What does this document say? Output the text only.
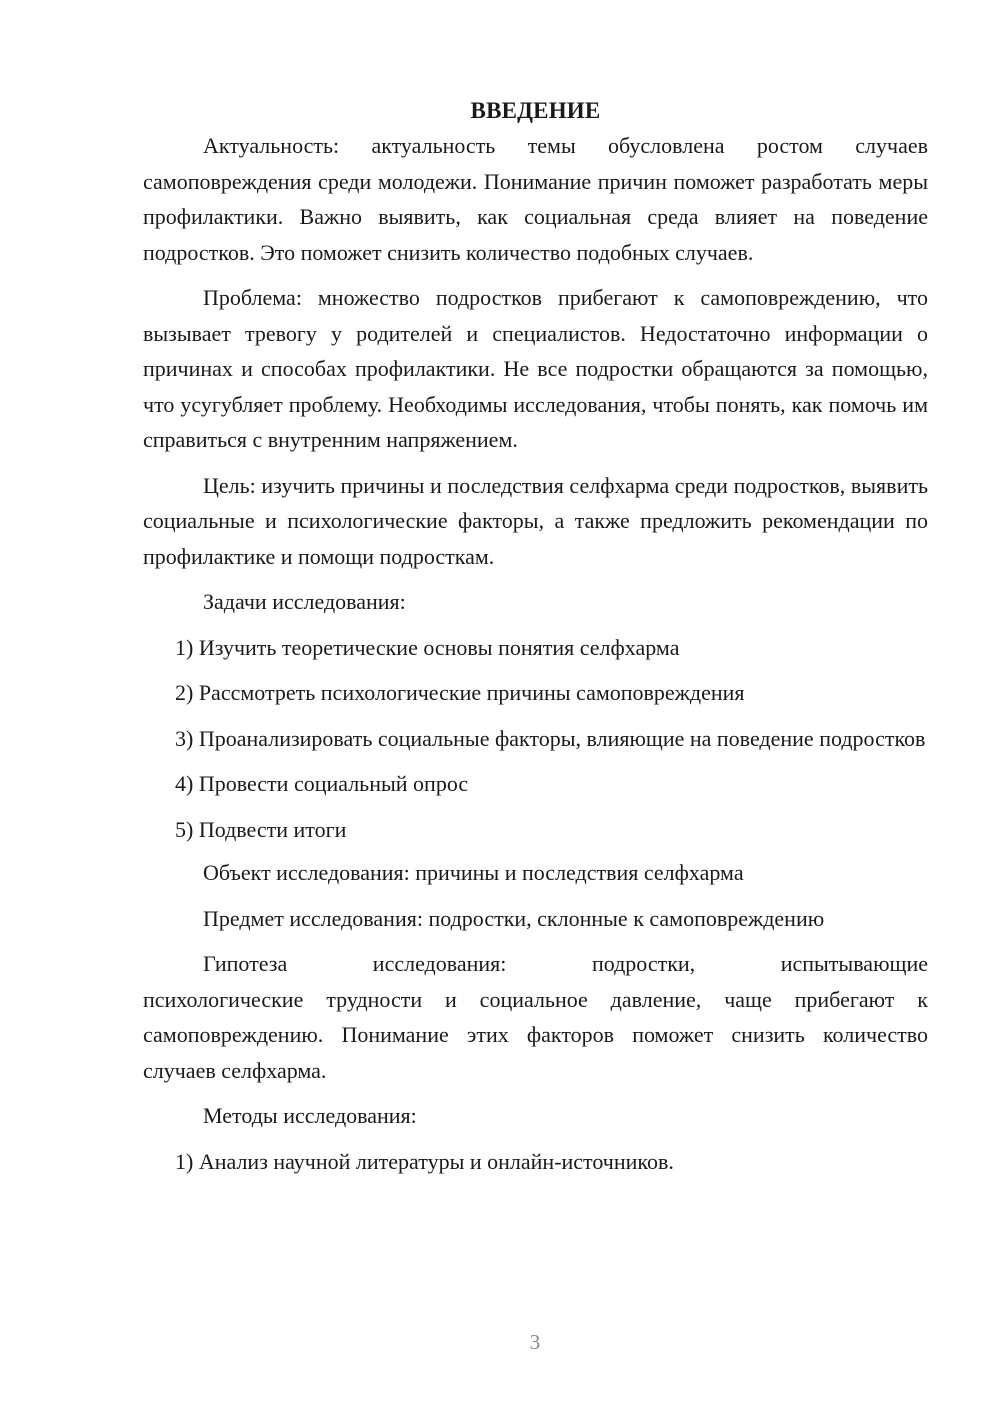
ВВЕДЕНИЕ

Актуальность: актуальность темы обусловлена ростом случаев самоповреждения среди молодежи. Понимание причин поможет разработать меры профилактики. Важно выявить, как социальная среда влияет на поведение подростков. Это поможет снизить количество подобных случаев.

Проблема: множество подростков прибегают к самоповреждению, что вызывает тревогу у родителей и специалистов. Недостаточно информации о причинах и способах профилактики. Не все подростки обращаются за помощью, что усугубляет проблему. Необходимы исследования, чтобы понять, как помочь им справиться с внутренним напряжением.

Цель: изучить причины и последствия селфхарма среди подростков, выявить социальные и психологические факторы, а также предложить рекомендации по профилактике и помощи подросткам.

Задачи исследования:

1) Изучить теоретические основы понятия селфхарма

2) Рассмотреть психологические причины самоповреждения

3) Проанализировать социальные факторы, влияющие на поведение подростков

4) Провести социальный опрос

5) Подвести итоги

Объект исследования: причины и последствия селфхарма

Предмет исследования: подростки, склонные к самоповреждению

Гипотеза	исследования:	подростки,	испытывающие
психологические трудности и социальное давление, чаще прибегают к самоповреждению. Понимание этих факторов поможет снизить количество случаев селфхарма.

Методы исследования:

1) Анализ научной литературы и онлайн-источников.

3
